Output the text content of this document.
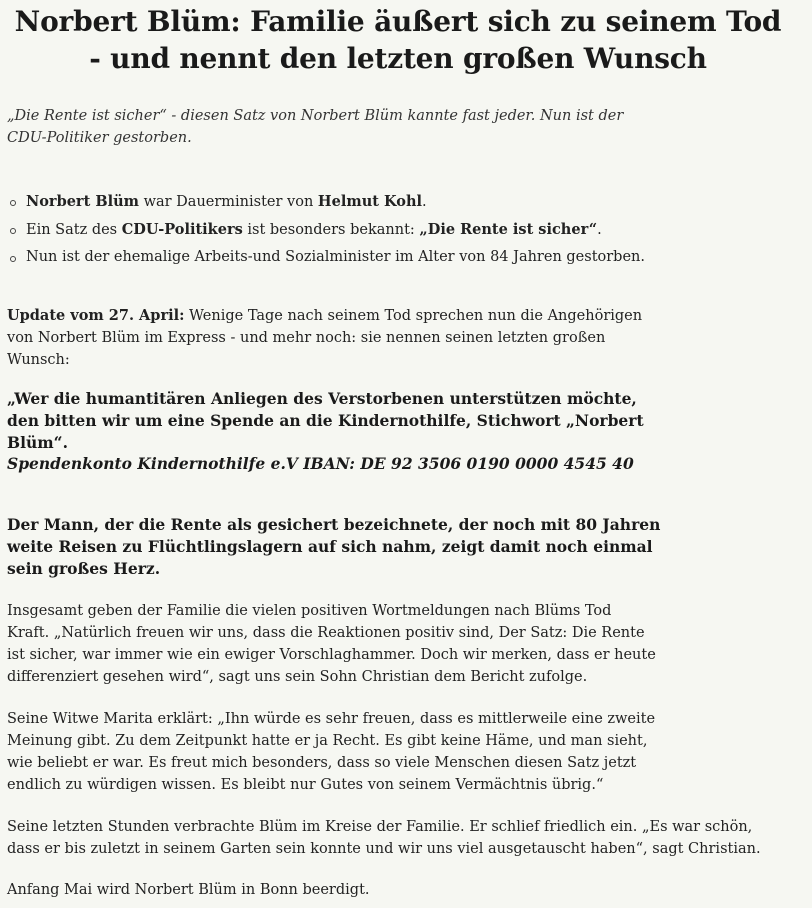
Norbert Blüm: Familie äußert sich zu seinem Tod - und nennt den letzten großen Wunsch

„Die Rente ist sicher“ - diesen Satz von Norbert Blüm kannte fast jeder. Nun ist der CDU-Politiker gestorben.

Norbert Blüm war Dauerminister von Helmut Kohl.
Ein Satz des CDU-Politikers ist besonders bekannt: „Die Rente ist sicher“.
Nun ist der ehemalige Arbeits-und Sozialminister im Alter von 84 Jahren gestorben.

Update vom 27. April: Wenige Tage nach seinem Tod sprechen nun die Angehörigen von Norbert Blüm im Express - und mehr noch: sie nennen seinen letzten großen Wunsch:

„Wer die humantitären Anliegen des Verstorbenen unterstützen möchte, den bitten wir um eine Spende an die Kindernothilfe, Stichwort „Norbert Blüm“.

Spendenkonto Kindernothilfe e.V IBAN: DE 92 3506 0190 0000 4545 40

Der Mann, der die Rente als gesichert bezeichnete, der noch mit 80 Jahren weite Reisen zu Flüchtlingslagern auf sich nahm, zeigt damit noch einmal sein großes Herz.

Insgesamt geben der Familie die vielen positiven Wortmeldungen nach Blüms Tod Kraft. „Natürlich freuen wir uns, dass die Reaktionen positiv sind, Der Satz: Die Rente ist sicher, war immer wie ein ewiger Vorschlaghammer. Doch wir merken, dass er heute differenziert gesehen wird“, sagt uns sein Sohn Christian dem Bericht zufolge.

Seine Witwe Marita erklärt: „Ihn würde es sehr freuen, dass es mittlerweile eine zweite Meinung gibt. Zu dem Zeitpunkt hatte er ja Recht. Es gibt keine Häme, und man sieht, wie beliebt er war. Es freut mich besonders, dass so viele Menschen diesen Satz jetzt endlich zu würdigen wissen. Es bleibt nur Gutes von seinem Vermächtnis übrig.“

Seine letzten Stunden verbrachte Blüm im Kreise der Familie. Er schlief friedlich ein. „Es war schön, dass er bis zuletzt in seinem Garten sein konnte und wir uns viel ausgetauscht haben“, sagt Christian.

Anfang Mai wird Norbert Blüm in Bonn beerdigt.
